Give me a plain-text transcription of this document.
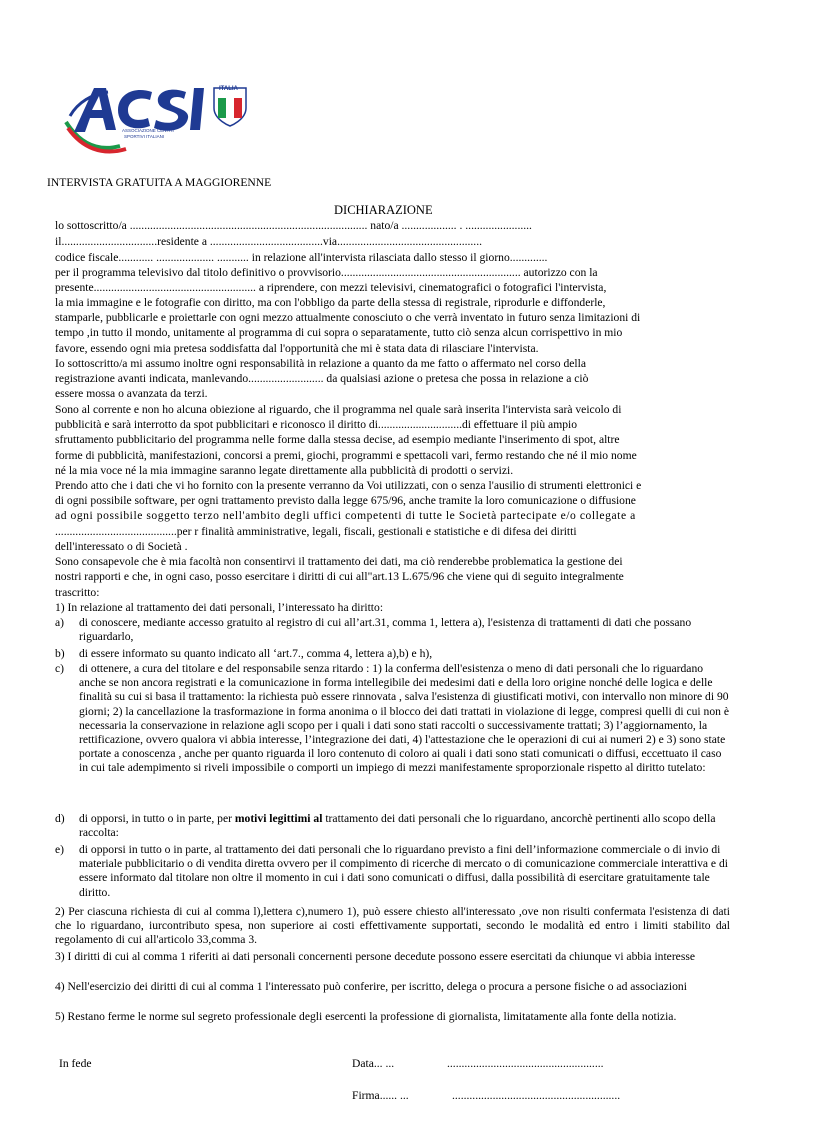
ITALIA
ASSOCIAZIONE CENTRI
SPORTIVI ITALIANI
INTERVISTA GRATUITA A MAGGIORENNE
DICHIARAZIONE
lo sottoscritto/a .................................................................................. nato/a ................... . .......................
il.................................residente a .......................................via..................................................
codice fiscale............ .................... ........... in relazione all'intervista rilasciata dallo stesso il giorno.............
per il programma televisivo dal titolo definitivo o provvisorio.............................................................. autorizzo con la
presente........................................................ a riprendere, con mezzi televisivi, cinematografici o fotografici l'intervista,
la mia immagine e le fotografie con diritto, ma con l'obbligo da parte della stessa di registrale, riprodurle e diffonderle,
stamparle, pubblicarle e proiettarle con ogni mezzo attualmente conosciuto o che verrà inventato in futuro senza limitazioni di
tempo ,in tutto il mondo, unitamente al programma di cui sopra o separatamente, tutto ciò senza alcun corrispettivo in mio
favore, essendo ogni mia pretesa soddisfatta dal l'opportunità che mi è stata data di rilasciare l'intervista.
Io sottoscritto/a mi assumo inoltre ogni responsabilità in relazione a quanto da me fatto o affermato nel corso della
registrazione avanti indicata, manlevando.......................... da qualsiasi azione o pretesa che possa in relazione a ciò
essere mossa o avanzata da terzi.
Sono al corrente e non ho alcuna obiezione al riguardo, che il programma nel quale sarà inserita l'intervista sarà veicolo di
pubblicità e sarà interrotto da spot pubblicitari e riconosco il diritto di.............................di effettuare il più ampio
sfruttamento pubblicitario del programma nelle forme dalla stessa decise, ad esempio mediante l'inserimento di spot, altre
forme di pubblicità, manifestazioni, concorsi a premi, giochi, programmi e spettacoli vari, fermo restando che né il mio nome
né la mia voce né la mia immagine saranno legate direttamente alla pubblicità di prodotti o servizi.
Prendo atto che i dati che vi ho fornito con la presente verranno da Voi utilizzati, con o senza l'ausilio di strumenti elettronici e
di ogni possibile software, per ogni trattamento previsto dalla legge 675/96, anche tramite la loro comunicazione o diffusione
ad ogni possibile soggetto terzo nell'ambito degli uffici competenti di tutte le Società partecipate e/o collegate a
..........................................per r finalità amministrative, legali, fiscali, gestionali e statistiche e di difesa dei diritti
dell'interessato o di Società .
Sono consapevole che è mia facoltà non consentirvi il trattamento dei dati, ma ciò renderebbe problematica la gestione dei
nostri rapporti e che, in ogni caso, posso esercitare i diritti di cui all"art.13 L.675/96 che viene qui di seguito integralmente
trascritto:
1) In relazione al trattamento dei dati personali, l’interessato ha diritto:
a) di conoscere, mediante accesso gratuito al registro di cui all’art.31, comma 1, lettera a), l'esistenza di trattamenti di dati che possano riguardarlo,
b) di essere informato su quanto indicato all ‘art.7., comma 4, lettera a),b) e h),
c) di ottenere, a cura del titolare e del responsabile senza ritardo : 1) la conferma dell'esistenza o meno di dati personali che lo riguardano anche se non ancora registrati e la comunicazione in forma intellegibile dei medesimi dati e della loro origine nonché delle logica e delle finalità su cui si basa il trattamento: la richiesta può essere rinnovata , salva l'esistenza di giustificati motivi, con intervallo non minore di 90 giorni; 2) la cancellazione la trasformazione in forma anonima o il blocco dei dati trattati in violazione di legge, compresi quelli di cui non è necessaria la conservazione in relazione agli scopo per i quali i dati sono stati raccolti o successivamente trattati; 3) l’aggiornamento, la rettificazione, ovvero qualora vi abbia interesse, l’integrazione dei dati, 4) l'attestazione che le operazioni di cui ai numeri 2) e 3) sono state portate a conoscenza , anche per quanto riguarda il loro contenuto di coloro ai quali i dati sono stati comunicati o diffusi, eccettuato il caso in cui tale adempimento si riveli impossibile o comporti un impiego di mezzi manifestamente sproporzionale rispetto al diritto tutelato:
d) di opporsi, in tutto o in parte, per motivi legittimi al trattamento dei dati personali che lo riguardano, ancorchè pertinenti allo scopo della raccolta:
e) di opporsi in tutto o in parte, al trattamento dei dati personali che lo riguardano previsto a fini dell’informazione commerciale o di invio di materiale pubblicitario o di vendita diretta ovvero per il compimento di ricerche di mercato o di comunicazione commerciale interattiva e di essere informato dal titolare non oltre il momento in cui i dati sono comunicati o diffusi, dalla possibilità di esercitare gratuitamente tale diritto.
2) Per ciascuna richiesta di cui al comma l),lettera c),numero 1), può essere chiesto all'interessato ,ove non risulti confermata l'esistenza di dati che lo riguardano, iurcontributo spesa, non superiore ai costi effettivamente supportati, secondo le modalità ed entro i limiti stabilito dal regolamento di cui all'articolo 33,comma 3.
3) I diritti di cui al comma 1 riferiti ai dati personali concernenti persone decedute possono essere esercitati da chiunque vi abbia interesse
4) Nell'esercizio dei diritti di cui al comma 1 l'interessato può conferire, per iscritto, delega o procura a persone fisiche o ad associazioni
5) Restano ferme le norme sul segreto professionale degli esercenti la professione di giornalista, limitatamente alla fonte della notizia.
In fede	Data... ...	......................................................
Firma...... ...	..........................................................
